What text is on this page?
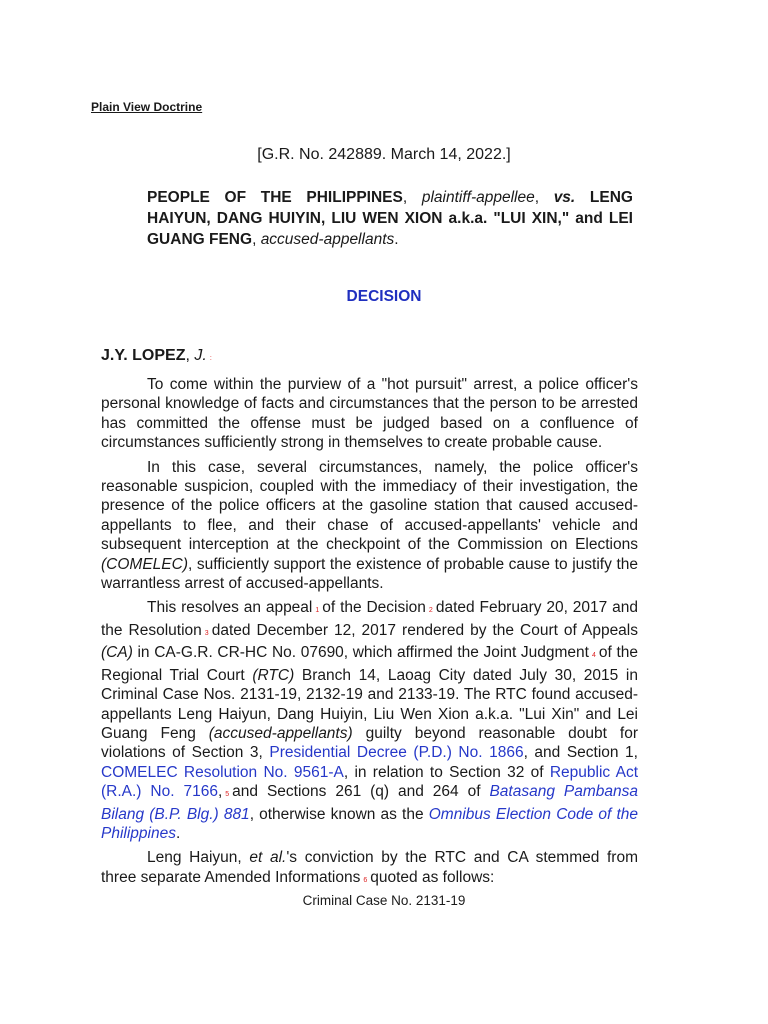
Plain View Doctrine
[G.R. No. 242889. March 14, 2022.]

PEOPLE OF THE PHILIPPINES, plaintiff-appellee, vs. LENG HAIYUN, DANG HUIYIN, LIU WEN XION a.k.a. "LUI XIN," and LEI GUANG FENG, accused-appellants.

DECISION
J.Y. LOPEZ, J. :

To come within the purview of a "hot pursuit" arrest, a police officer's personal knowledge of facts and circumstances that the person to be arrested has committed the offense must be judged based on a confluence of circumstances sufficiently strong in themselves to create probable cause.

In this case, several circumstances, namely, the police officer's reasonable suspicion, coupled with the immediacy of their investigation, the presence of the police officers at the gasoline station that caused accused-appellants to flee, and their chase of accused-appellants' vehicle and subsequent interception at the checkpoint of the Commission on Elections (COMELEC), sufficiently support the existence of probable cause to justify the warrantless arrest of accused-appellants.

This resolves an appeal 1 of the Decision 2 dated February 20, 2017 and the Resolution 3 dated December 12, 2017 rendered by the Court of Appeals (CA) in CA-G.R. CR-HC No. 07690, which affirmed the Joint Judgment 4 of the Regional Trial Court (RTC) Branch 14, Laoag City dated July 30, 2015 in Criminal Case Nos. 2131-19, 2132-19 and 2133-19. The RTC found accused-appellants Leng Haiyun, Dang Huiyin, Liu Wen Xion a.k.a. "Lui Xin" and Lei Guang Feng (accused-appellants) guilty beyond reasonable doubt for violations of Section 3, Presidential Decree (P.D.) No. 1866, and Section 1, COMELEC Resolution No. 9561-A, in relation to Section 32 of Republic Act (R.A.) No. 7166, 5 and Sections 261 (q) and 264 of Batasang Pambansa Bilang (B.P. Blg.) 881, otherwise known as the Omnibus Election Code of the Philippines.

Leng Haiyun, et al.'s conviction by the RTC and CA stemmed from three separate Amended Informations 6 quoted as follows:

Criminal Case No. 2131-19
